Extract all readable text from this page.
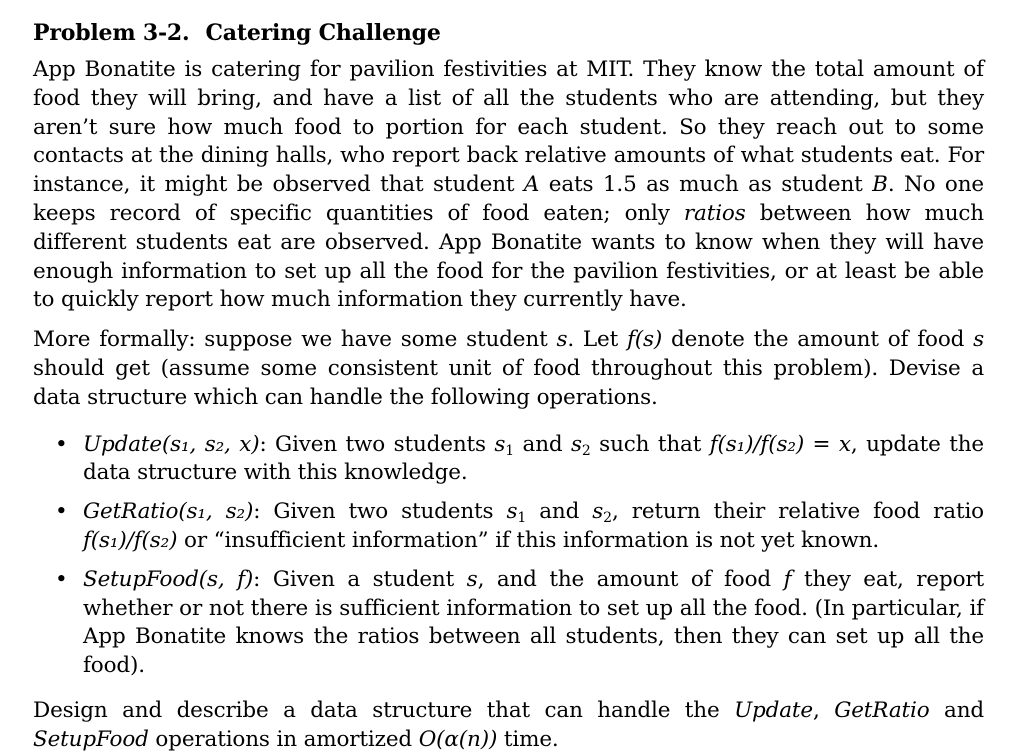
Problem 3-2. Catering Challenge

App Bonatite is catering for pavilion festivities at MIT. They know the total amount of food they will bring, and have a list of all the students who are attending, but they aren’t sure how much food to portion for each student. So they reach out to some contacts at the dining halls, who report back relative amounts of what students eat. For instance, it might be observed that student A eats 1.5 as much as student B. No one keeps record of specific quantities of food eaten; only ratios between how much different students eat are observed. App Bonatite wants to know when they will have enough information to set up all the food for the pavilion festivities, or at least be able to quickly report how much information they currently have.

More formally: suppose we have some student s. Let f(s) denote the amount of food s should get (assume some consistent unit of food throughout this problem). Devise a data structure which can handle the following operations.

• Update(s₁, s₂, x): Given two students $s_1$ and $s_2$ such that f(s₁)/f(s₂) = x, update the data structure with this knowledge.
• GetRatio(s₁, s₂): Given two students $s_1$ and $s_2$, return their relative food ratio f(s₁)/f(s₂) or “insufficient information” if this information is not yet known.
• SetupFood(s, f): Given a student s, and the amount of food f they eat, report whether or not there is sufficient information to set up all the food. (In particular, if App Bonatite knows the ratios between all students, then they can set up all the food).

Design and describe a data structure that can handle the Update, GetRatio and SetupFood operations in amortized O(α(n)) time.
